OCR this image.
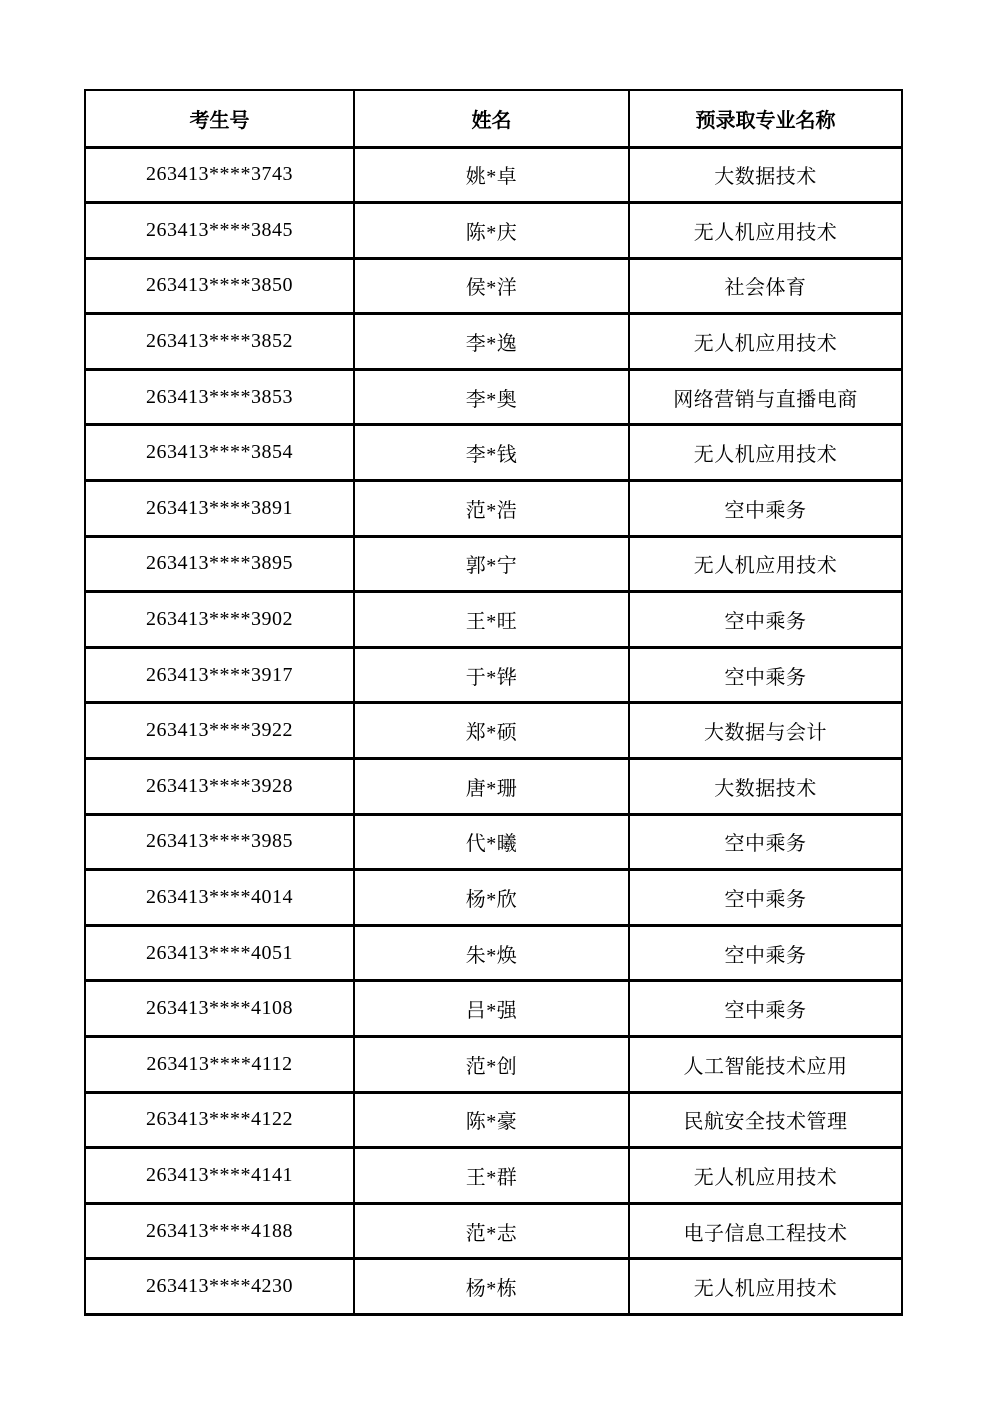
考生号	姓名	预录取专业名称
263413****3743	姚*卓	大数据技术
263413****3845	陈*庆	无人机应用技术
263413****3850	侯*洋	社会体育
263413****3852	李*逸	无人机应用技术
263413****3853	李*奥	网络营销与直播电商
263413****3854	李*钱	无人机应用技术
263413****3891	范*浩	空中乘务
263413****3895	郭*宁	无人机应用技术
263413****3902	王*旺	空中乘务
263413****3917	于*铧	空中乘务
263413****3922	郑*硕	大数据与会计
263413****3928	唐*珊	大数据技术
263413****3985	代*曦	空中乘务
263413****4014	杨*欣	空中乘务
263413****4051	朱*焕	空中乘务
263413****4108	吕*强	空中乘务
263413****4112	范*创	人工智能技术应用
263413****4122	陈*豪	民航安全技术管理
263413****4141	王*群	无人机应用技术
263413****4188	范*志	电子信息工程技术
263413****4230	杨*栋	无人机应用技术
